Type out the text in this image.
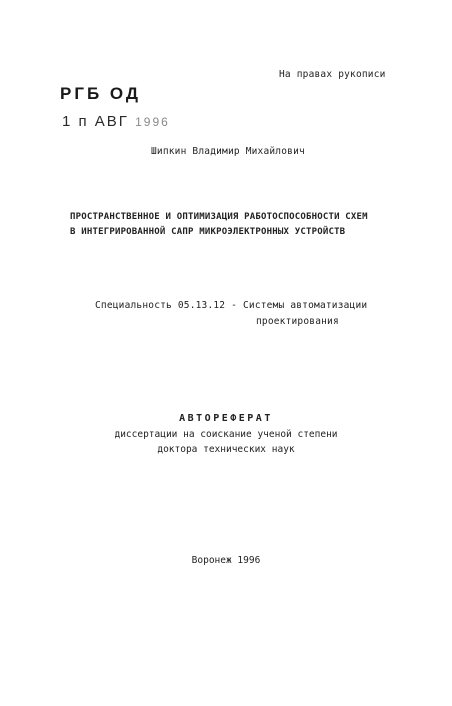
На правах рукописи
РГБ ОД
1 п АВГ 1996
Шипкин Владимир Михайлович
ПРОСТРАНСТВЕННОЕ И ОПТИМИЗАЦИЯ РАБОТОСПОСОБНОСТИ СХЕМ
В ИНТЕГРИРОВАННОЙ САПР МИКРОЭЛЕКТРОННЫХ УСТРОЙСТВ
Специальность 05.13.12 - Системы автоматизации
проектирования
АВТОРЕФЕРАТ
диссертации на соискание ученой степени
доктора технических наук
Воронеж 1996
